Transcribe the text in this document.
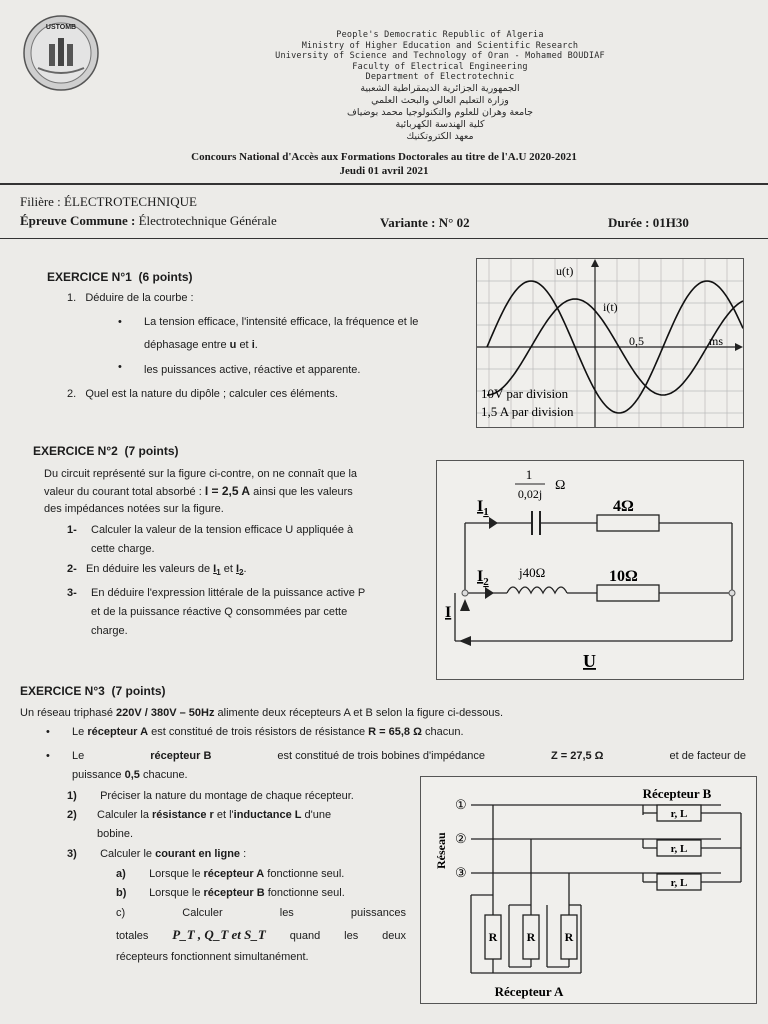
USTOMB
People's Democratic Republic of Algeria
Ministry of Higher Education and Scientific Research
University of Science and Technology of Oran - Mohamed BOUDIAF
Faculty of Electrical Engineering
Department of Electrotechnic
الجمهورية الجزائرية الديمقراطية الشعبية
وزارة التعليم العالي والبحث العلمي
جامعة وهران للعلوم والتكنولوجيا محمد بوضياف
كلية الهندسة الكهربائية
معهد الكتروتكنيك
Concours National d'Accès aux Formations Doctorales au titre de l'A.U 2020-2021
Jeudi 01 avril 2021
Filière : ÉLECTROTECHNIQUE
Épreuve Commune : Électrotechnique Générale	Variante : N° 02	Durée : 01H30
EXERCICE N°1 (6 points)
1. Déduire de la courbe :
• La tension efficace, l'intensité efficace, la fréquence et le
déphasage entre u et i.
• les puissances active, réactive et apparente.
2. Quel est la nature du dipôle ; calculer ces éléments.
u(t)
i(t)
0,5	ms
10V par division
1,5 A par division
EXERCICE N°2 (7 points)
Du circuit représenté sur la figure ci-contre, on ne connaît que la
valeur du courant total absorbé : I = 2,5 A ainsi que les valeurs
des impédances notées sur la figure.
1- Calculer la valeur de la tension efficace U appliquée à
cette charge.
2- En déduire les valeurs de $I_1$ et $I_2$.
3- En déduire l'expression littérale de la puissance active P
et de la puissance réactive Q consommées par cette
charge.
1
0,02j
Ω
4Ω
j40Ω	10Ω
$I_1$
$I_2$
I
U
EXERCICE N°3 (7 points)
Un réseau triphasé 220V / 380V – 50Hz alimente deux récepteurs A et B selon la figure ci-dessous.
• Le récepteur A est constitué de trois résistors de résistance R = 65,8 Ω chacun.
• Le	récepteur B	est constitué de trois bobines d'impédance	Z = 27,5 Ω	et de facteur de
puissance 0,5 chacune.
1) Préciser la nature du montage de chaque récepteur.
2) Calculer la résistance r et l'inductance L d'une
bobine.
3) Calculer le courant en ligne :
a) Lorsque le récepteur A fonctionne seul.
b) Lorsque le récepteur B fonctionne seul.
c)	Calculer	les	puissances
totales P_T , Q_T et S_T quand les deux
récepteurs fonctionnent simultanément.
Récepteur B
Récepteur A
Réseau
①
②
③
r, L
r, L
r, L
R R R
